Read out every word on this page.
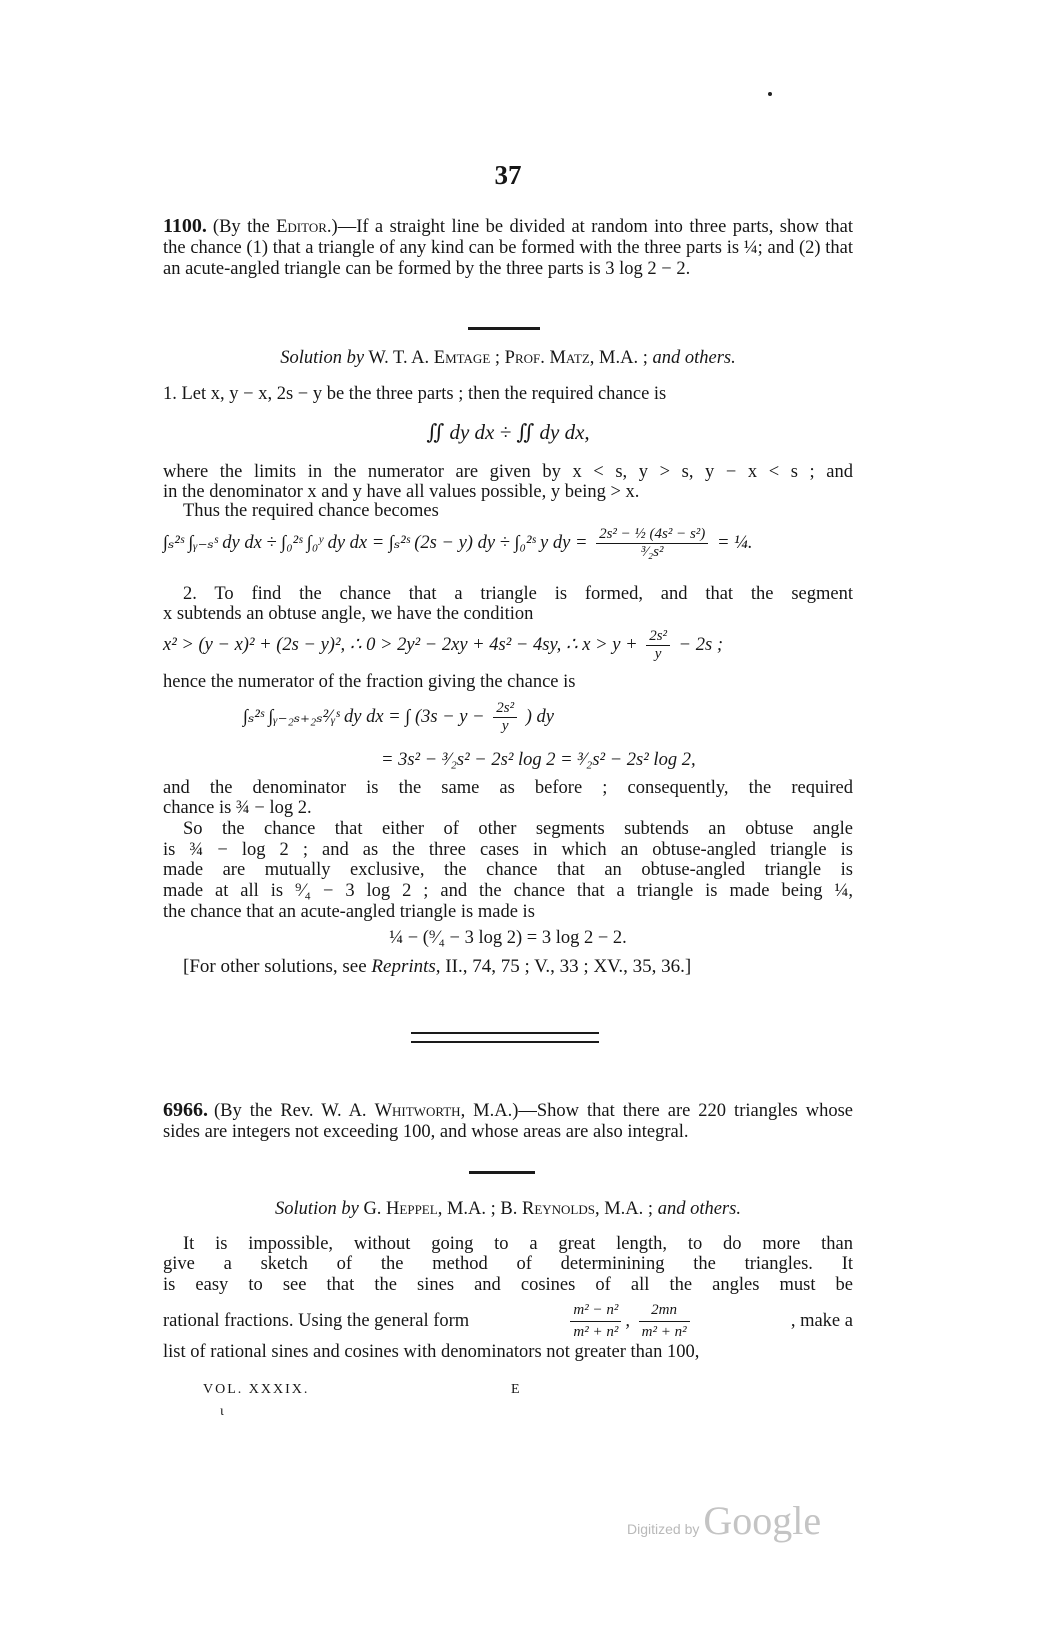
37
1100. (By the Editor.)—If a straight line be divided at random into three parts, show that the chance (1) that a triangle of any kind can be formed with the three parts is ¼; and (2) that an acute-angled triangle can be formed by the three parts is 3 log 2 − 2.
Solution by W. T. A. Emtage ; Prof. Matz, M.A. ; and others.
1. Let x, y − x, 2s − y be the three parts ; then the required chance is
∬ dy dx ÷ ∬ dy dx,
where the limits in the numerator are given by x < s, y > s, y − x < s ; and
in the denominator x and y have all values possible, y being > x.
Thus the required chance becomes
∫ₛ²ˢ ∫ᵧ₋ₛˢ dy dx ÷ ∫₀²ˢ ∫₀ʸ dy dx = ∫ₛ²ˢ (2s − y) dy ÷ ∫₀²ˢ y dy = $\frac{\text{2s² − ½ (4s² − s²)}}{\text{³⁄₂s²}}$ = ¼.
2. To find the chance that a triangle is formed, and that the segment
x subtends an obtuse angle, we have the condition
x² > (y − x)² + (2s − y)², ∴ 0 > 2y² − 2xy + 4s² − 4sy, ∴ $x > y + \frac{\text{2s²}}{y} - 2s$ ;
hence the numerator of the fraction giving the chance is
∫ₛ²ˢ ∫ᵧ₋₂ₛ₊₂ₛ²⁄ᵧˢ dy dx = ∫ ($3s - y - \frac{\text{2s²}}{y}$ ) dy
= 3s² − ³⁄₂s² − 2s² log 2 = ³⁄₂s² − 2s² log 2,
and the denominator is the same as before ; consequently, the required
chance is ¾ − log 2.
So the chance that either of other segments subtends an obtuse angle
is ¾ − log 2 ; and as the three cases in which an obtuse-angled triangle is
made are mutually exclusive, the chance that an obtuse-angled triangle is
made at all is ⁹⁄₄ − 3 log 2 ; and the chance that a triangle is made being ¼,
the chance that an acute-angled triangle is made is
¼ − (⁹⁄₄ − 3 log 2) = 3 log 2 − 2.
[For other solutions, see Reprints, II., 74, 75 ; V., 33 ; XV., 35, 36.]
6966. (By the Rev. W. A. Whitworth, M.A.)—Show that there are 220 triangles whose sides are integers not exceeding 100, and whose areas are also integral.
Solution by G. Heppel, M.A. ; B. Reynolds, M.A. ; and others.
It is impossible, without going to a great length, to do more than
give a sketch of the method of determinining the triangles. It
is easy to see that the sines and cosines of all the angles must be
rational fractions. Using the general form	$\frac{\text{m² − n²}}{\text{m² + n²}}$ , $\frac{2mn}{\text{m² + n²}}$	, make a
list of rational sines and cosines with denominators not greater than 100,
VOL. XXXIX.	E
ι
Digitized by Google
